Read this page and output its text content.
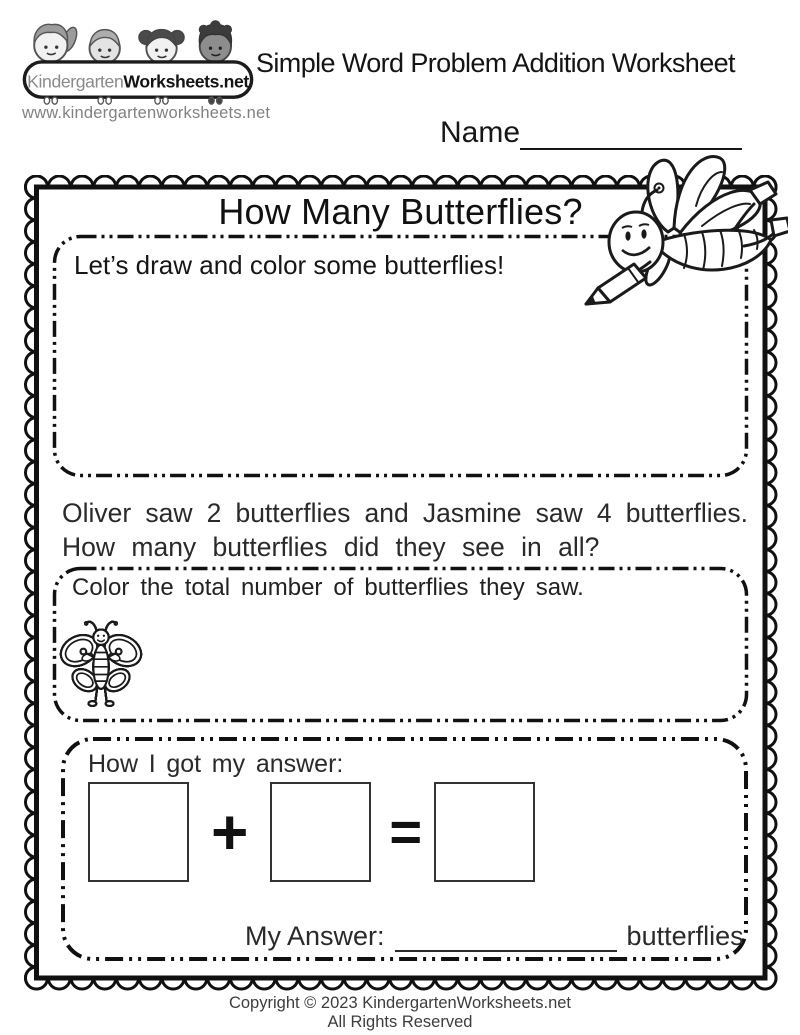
KindergartenWorksheets.net
www.kindergartenworksheets.net
Simple Word Problem Addition Worksheet
Name
How Many Butterflies?
Let’s draw and color some butterflies!
Oliver saw 2 butterflies and Jasmine saw 4 butterflies.
How many butterflies did they see in all?
Color the total number of butterflies they saw.
How I got my answer:
+	=
My Answer:	butterflies
Copyright © 2023 KindergartenWorksheets.net
All Rights Reserved
